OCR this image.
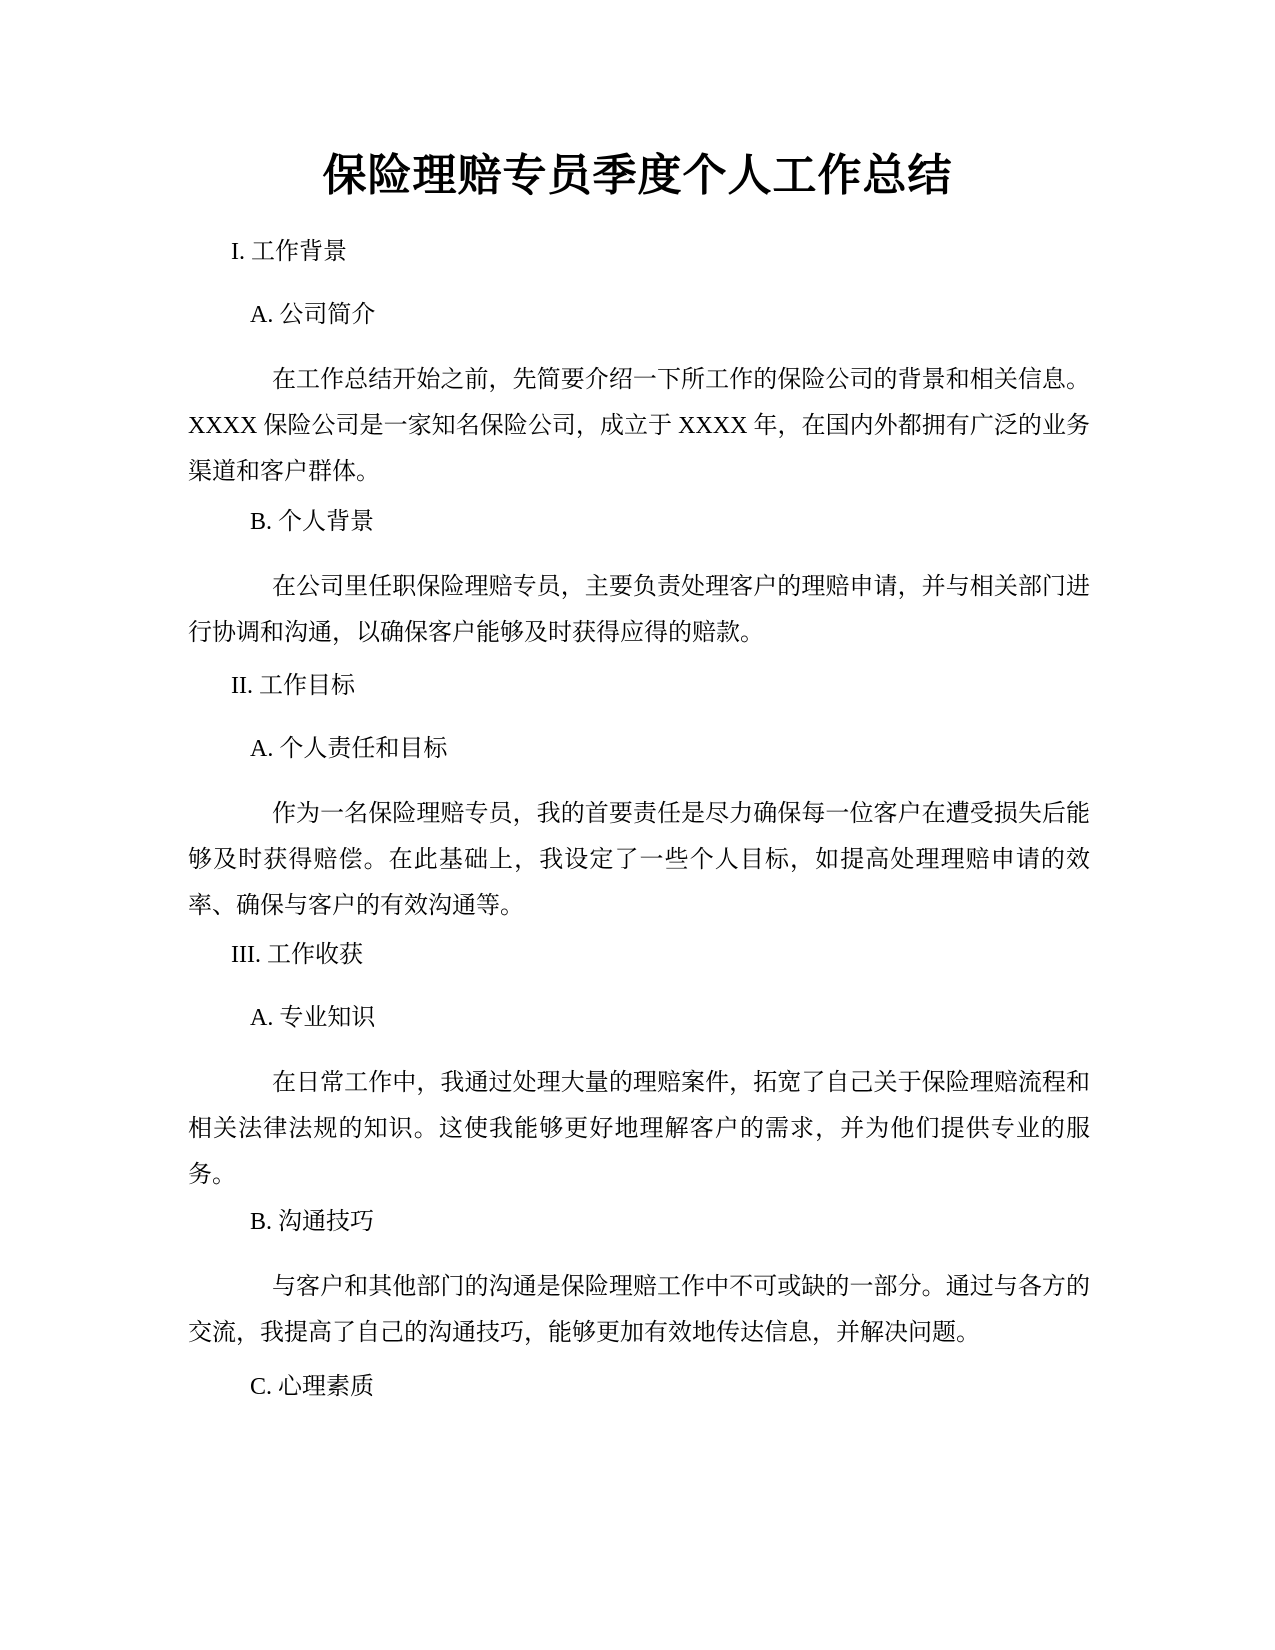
保险理赔专员季度个人工作总结
I. 工作背景
A. 公司简介

在工作总结开始之前，先简要介绍一下所工作的保险公司的背景和相关信息。XXXX 保险公司是一家知名保险公司，成立于 XXXX 年，在国内外都拥有广泛的业务渠道和客户群体。

B. 个人背景

在公司里任职保险理赔专员，主要负责处理客户的理赔申请，并与相关部门进行协调和沟通，以确保客户能够及时获得应得的赔款。

II. 工作目标
A. 个人责任和目标

作为一名保险理赔专员，我的首要责任是尽力确保每一位客户在遭受损失后能够及时获得赔偿。在此基础上，我设定了一些个人目标，如提高处理理赔申请的效率、确保与客户的有效沟通等。

III. 工作收获
A. 专业知识

在日常工作中，我通过处理大量的理赔案件，拓宽了自己关于保险理赔流程和相关法律法规的知识。这使我能够更好地理解客户的需求，并为他们提供专业的服务。

B. 沟通技巧

与客户和其他部门的沟通是保险理赔工作中不可或缺的一部分。通过与各方的交流，我提高了自己的沟通技巧，能够更加有效地传达信息，并解决问题。

C. 心理素质
